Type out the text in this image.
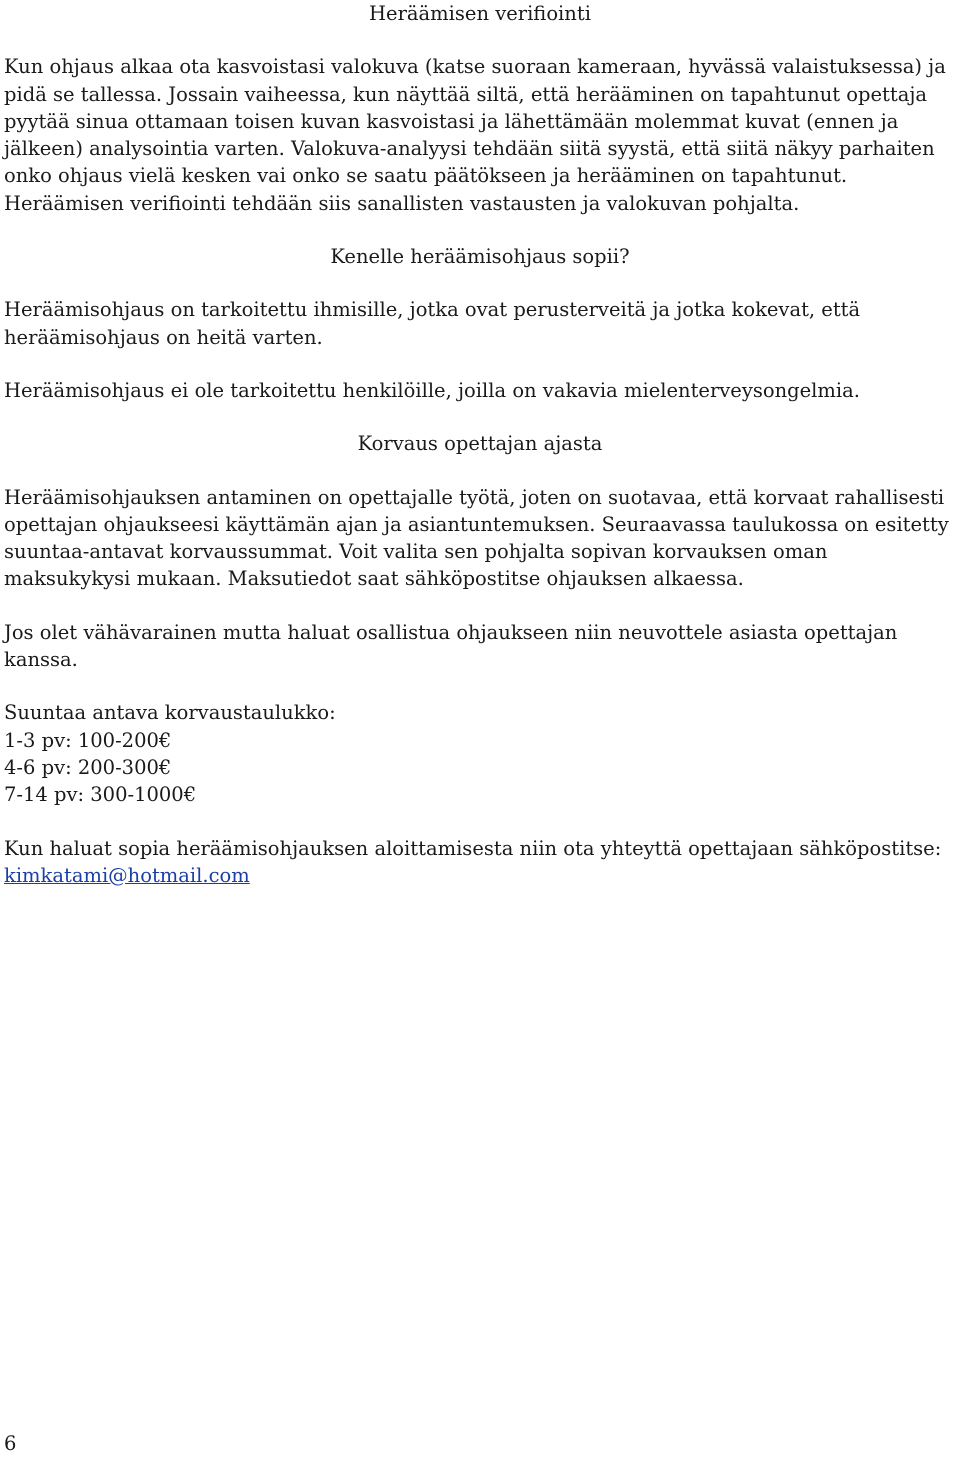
Heräämisen verifiointi

Kun ohjaus alkaa ota kasvoistasi valokuva (katse suoraan kameraan, hyvässä valaistuksessa) ja pidä se tallessa. Jossain vaiheessa, kun näyttää siltä, että herääminen on tapahtunut opettaja pyytää sinua ottamaan toisen kuvan kasvoistasi ja lähettämään molemmat kuvat (ennen ja jälkeen) analysointia varten. Valokuva-analyysi tehdään siitä syystä, että siitä näkyy parhaiten onko ohjaus vielä kesken vai onko se saatu päätökseen ja herääminen on tapahtunut. Heräämisen verifiointi tehdään siis sanallisten vastausten ja valokuvan pohjalta.

Kenelle heräämisohjaus sopii?

Heräämisohjaus on tarkoitettu ihmisille, jotka ovat perusterveitä ja jotka kokevat, että heräämisohjaus on heitä varten.

Heräämisohjaus ei ole tarkoitettu henkilöille, joilla on vakavia mielenterveysongelmia.

Korvaus opettajan ajasta

Heräämisohjauksen antaminen on opettajalle työtä, joten on suotavaa, että korvaat rahallisesti opettajan ohjaukseesi käyttämän ajan ja asiantuntemuksen. Seuraavassa taulukossa on esitetty suuntaa-antavat korvaussummat. Voit valita sen pohjalta sopivan korvauksen oman maksukykysi mukaan. Maksutiedot saat sähköpostitse ohjauksen alkaessa.

Jos olet vähävarainen mutta haluat osallistua ohjaukseen niin neuvottele asiasta opettajan kanssa.

Suuntaa antava korvaustaulukko:
1-3 pv: 100-200€
4-6 pv: 200-300€
7-14 pv: 300-1000€

Kun haluat sopia heräämisohjauksen aloittamisesta niin ota yhteyttä opettajaan sähköpostitse: kimkatami@hotmail.com

6
